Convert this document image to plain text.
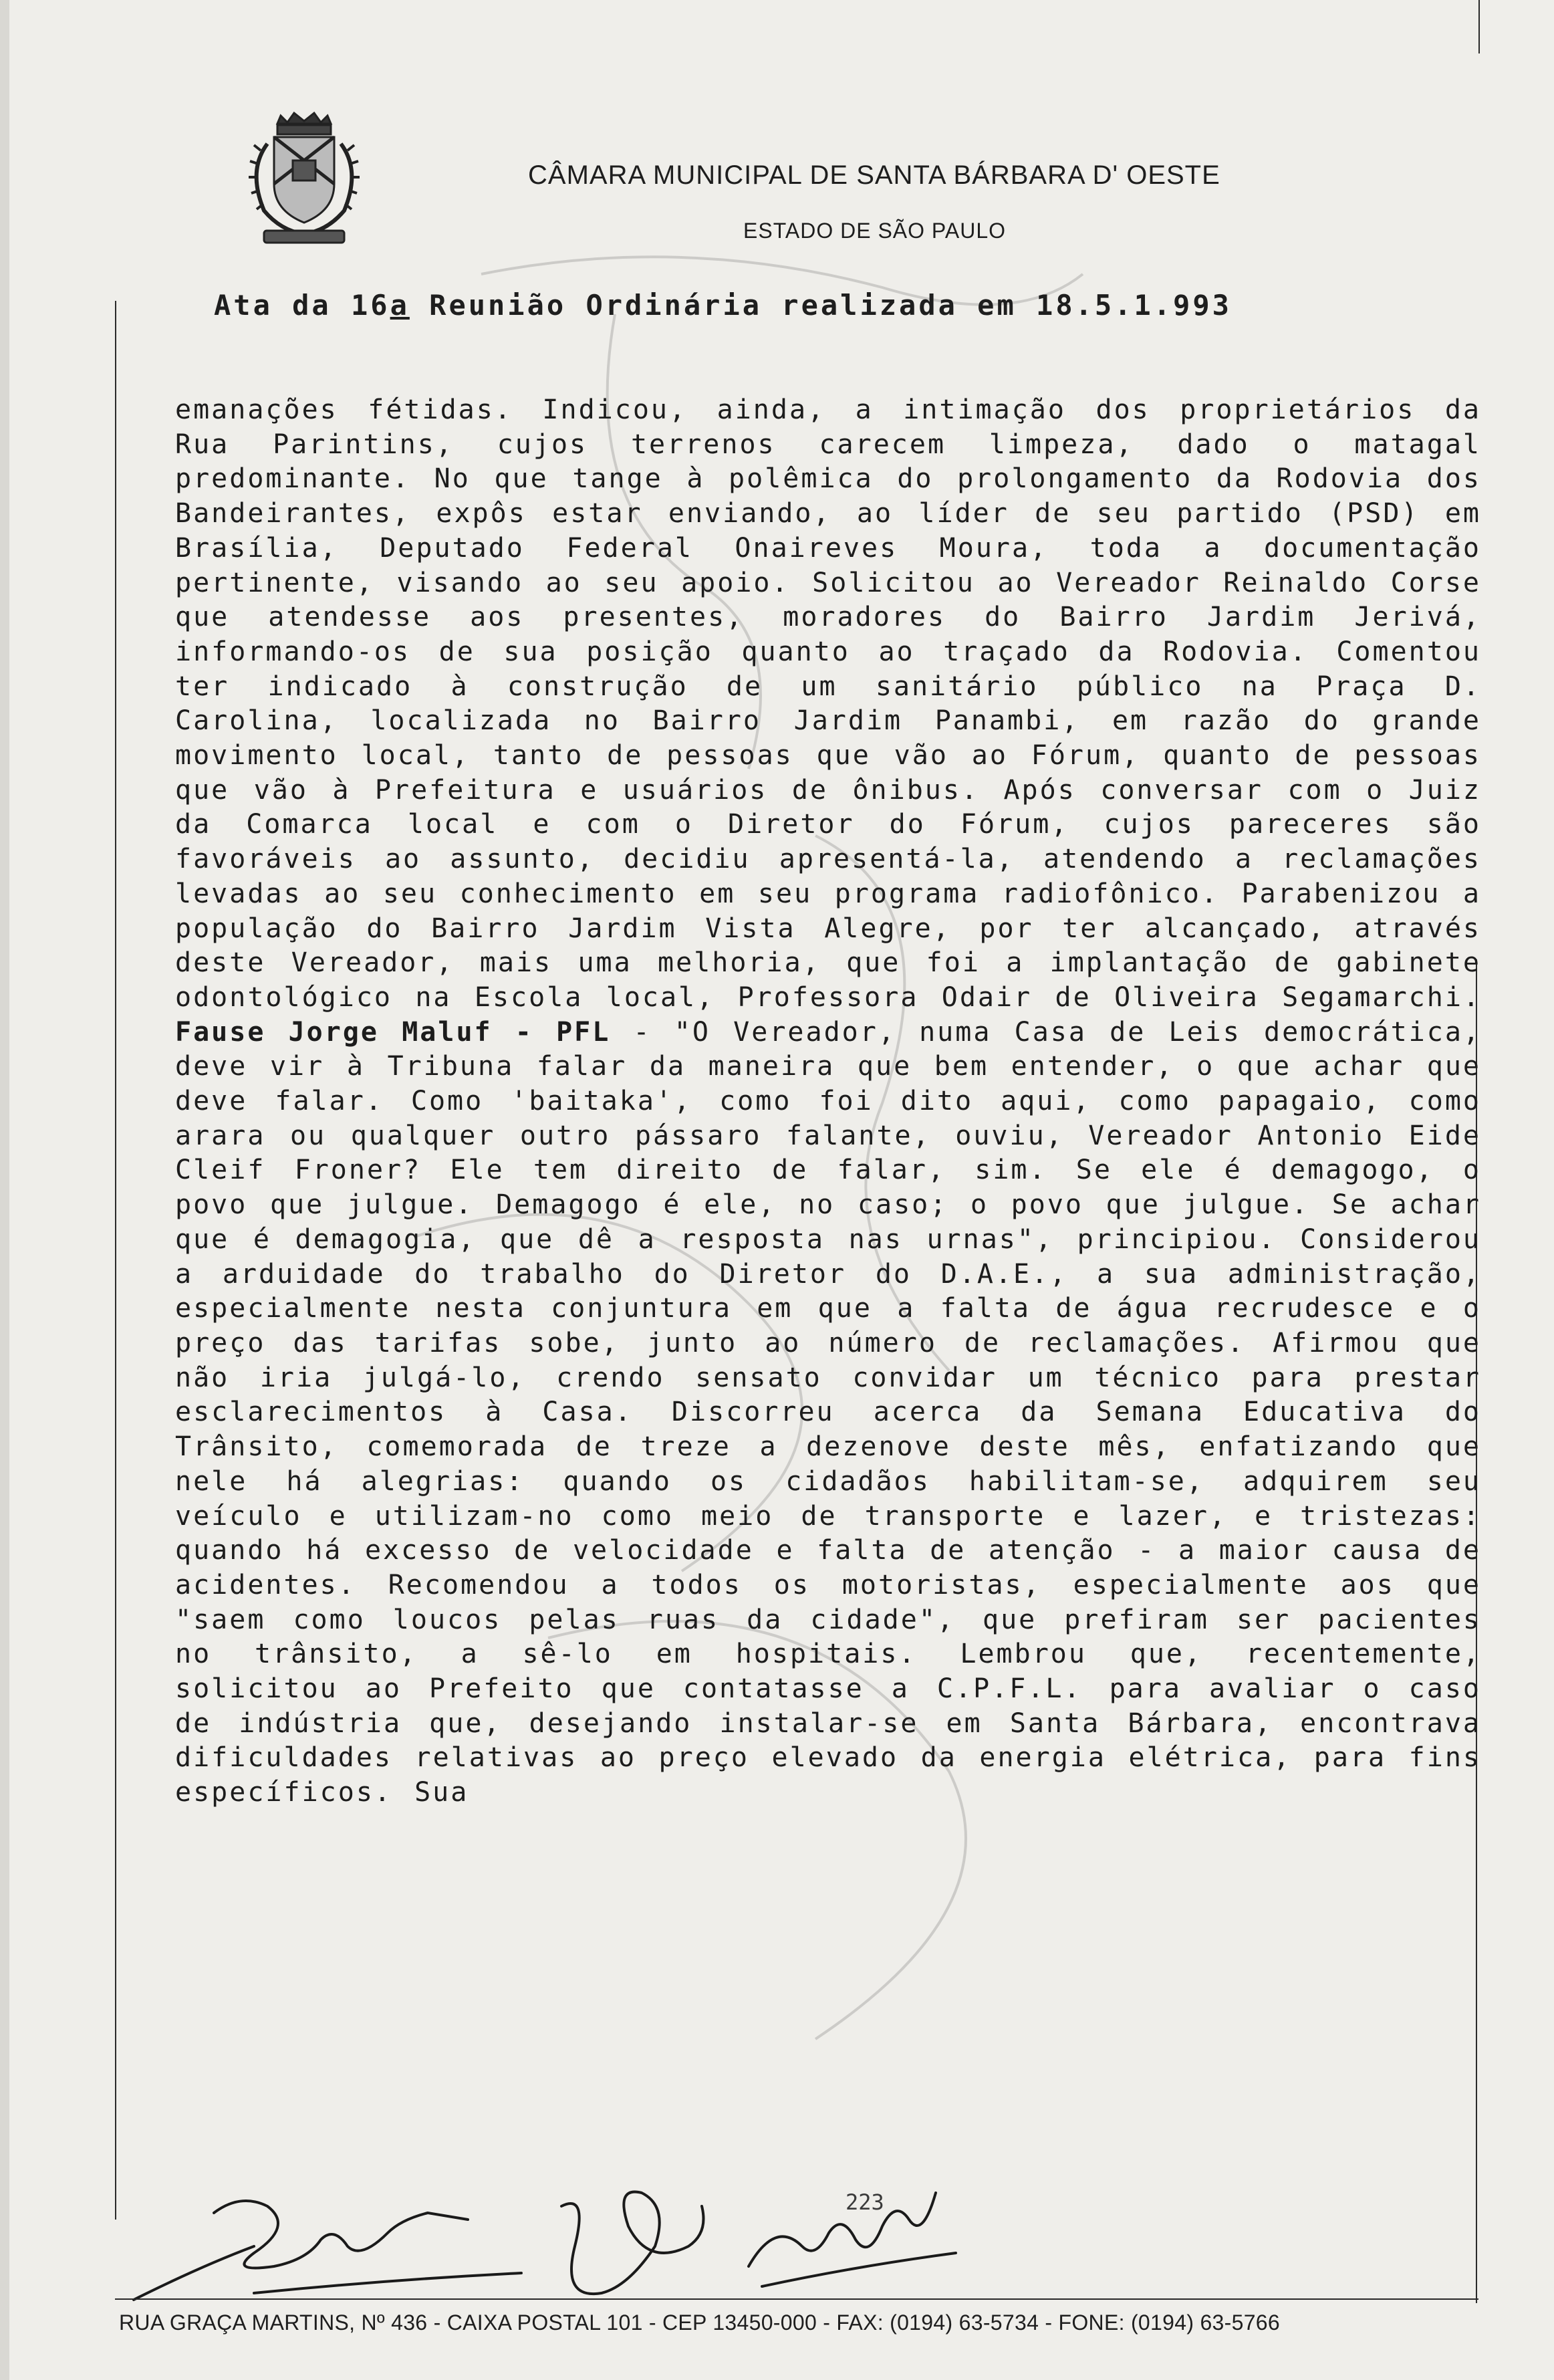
CÂMARA MUNICIPAL DE SANTA BÁRBARA D' OESTE
ESTADO DE SÃO PAULO
Ata da 16a Reunião Ordinária realizada em 18.5.1.993
emanações fétidas. Indicou, ainda, a intimação dos proprietários da Rua Parintins, cujos terrenos carecem limpeza, dado o matagal predominante. No que tange à polêmica do prolongamento da Rodovia dos Bandeirantes, expôs estar enviando, ao líder de seu partido (PSD) em Brasília, Deputado Federal Onaireves Moura, toda a documentação pertinente, visando ao seu apoio. Solicitou ao Vereador Reinaldo Corse que atendesse aos presentes, moradores do Bairro Jardim Jerivá, informando-os de sua posição quanto ao traçado da Rodovia. Comentou ter indicado à construção de um sanitário público na Praça D. Carolina, localizada no Bairro Jardim Panambi, em razão do grande movimento local, tanto de pessoas que vão ao Fórum, quanto de pessoas que vão à Prefeitura e usuários de ônibus. Após conversar com o Juiz da Comarca local e com o Diretor do Fórum, cujos pareceres são favoráveis ao assunto, decidiu apresentá-la, atendendo a reclamações levadas ao seu conhecimento em seu programa radiofônico. Parabenizou a população do Bairro Jardim Vista Alegre, por ter alcançado, através deste Vereador, mais uma melhoria, que foi a implantação de gabinete odontológico na Escola local, Professora Odair de Oliveira Segamarchi. Fause Jorge Maluf - PFL - "O Vereador, numa Casa de Leis democrática, deve vir à Tribuna falar da maneira que bem entender, o que achar que deve falar. Como 'baitaka', como foi dito aqui, como papagaio, como arara ou qualquer outro pássaro falante, ouviu, Vereador Antonio Eide Cleif Froner? Ele tem direito de falar, sim. Se ele é demagogo, o povo que julgue. Demagogo é ele, no caso; o povo que julgue. Se achar que é demagogia, que dê a resposta nas urnas", principiou. Considerou a arduidade do trabalho do Diretor do D.A.E., a sua administração, especialmente nesta conjuntura em que a falta de água recrudesce e o preço das tarifas sobe, junto ao número de reclamações. Afirmou que não iria julgá-lo, crendo sensato convidar um técnico para prestar esclarecimentos à Casa. Discorreu acerca da Semana Educativa do Trânsito, comemorada de treze a dezenove deste mês, enfatizando que nele há alegrias: quando os cidadãos habilitam-se, adquirem seu veículo e utilizam-no como meio de transporte e lazer, e tristezas: quando há excesso de velocidade e falta de atenção - a maior causa de acidentes. Recomendou a todos os motoristas, especialmente aos que "saem como loucos pelas ruas da cidade", que prefiram ser pacientes no trânsito, a sê-lo em hospitais. Lembrou que, recentemente, solicitou ao Prefeito que contatasse a C.P.F.L. para avaliar o caso de indústria que, desejando instalar-se em Santa Bárbara, encontrava dificuldades relativas ao preço elevado da energia elétrica, para fins específicos. Sua
223
RUA GRAÇA MARTINS, Nº 436 - CAIXA POSTAL 101 - CEP 13450-000 - FAX: (0194) 63-5734 - FONE: (0194) 63-5766
